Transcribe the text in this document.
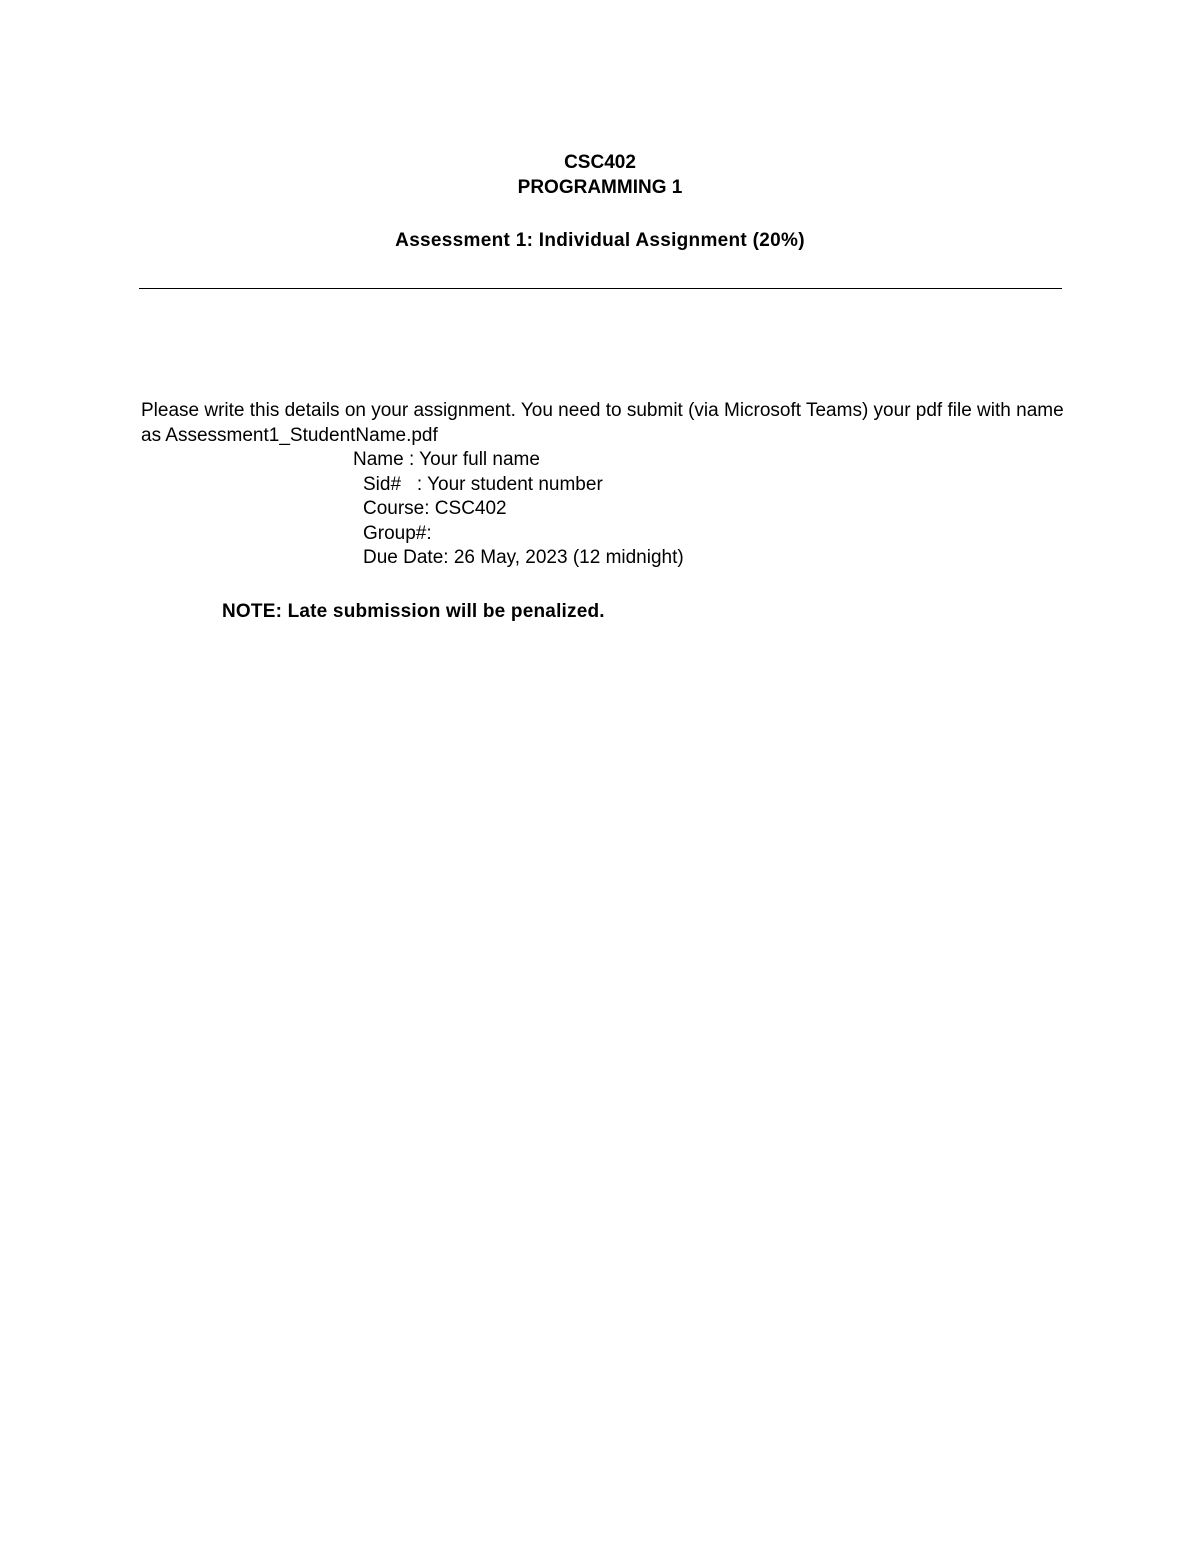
CSC402

PROGRAMMING 1

Assessment 1: Individual Assignment (20%)

Please write this details on your assignment. You need to submit (via Microsoft Teams) your pdf file with name as Assessment1_StudentName.pdf

Name : Your full name

Sid#   : Your student number

Course: CSC402

Group#:

Due Date: 26 May, 2023 (12 midnight)

NOTE: Late submission will be penalized.
